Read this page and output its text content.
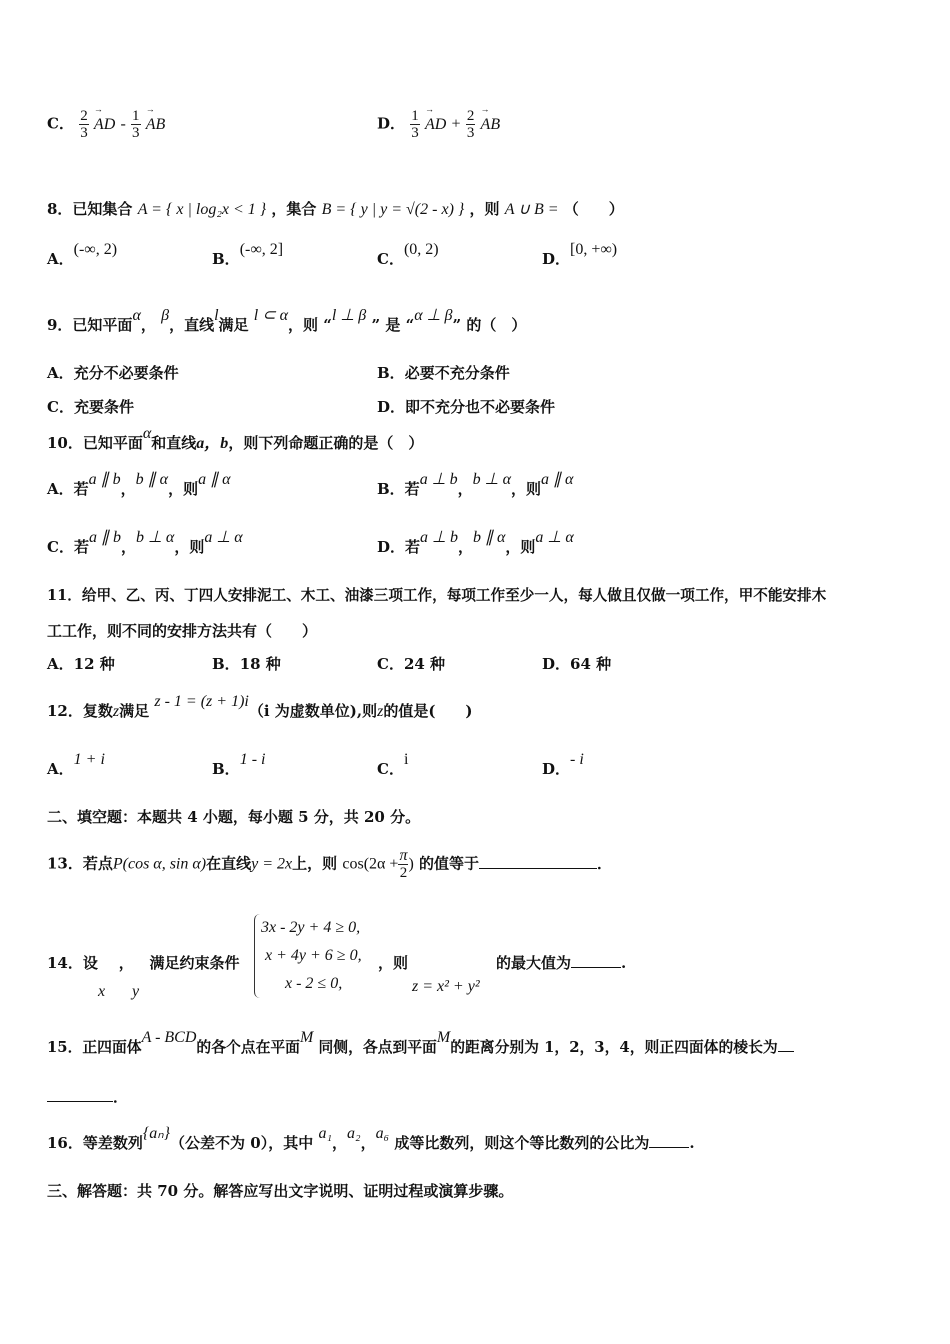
C． $\frac{2}{3}$ → AD - $\frac{1}{3}$ → AB	D． $\frac{1}{3}$ → AD + $\frac{2}{3}$ → AB
8．已知集合 A = { x | log₂x < 1 } ，集合 B = { y | y = √(2 - x) } ，则 A ∪ B = （　　）
A．(-∞, 2)
B．(-∞, 2]
C．(0, 2)
D．[0, +∞)
9．已知平面α， β，直线l满足 l ⊂ α，则 “l ⊥ β ” 是 “α ⊥ β” 的（　）
A．充分不必要条件	B．必要不充分条件
C．充要条件	D．即不充分也不必要条件
10．已知平面α和直线a，b，则下列命题正确的是（　）
A．若a ∥ b，b ∥ α，则a ∥ α
B．若a ⊥ b，b ⊥ α，则a ∥ α
C．若a ∥ b，b ⊥ α，则a ⊥ α
D．若a ⊥ b，b ∥ α，则a ⊥ α
11．给甲、乙、丙、丁四人安排泥工、木工、油漆三项工作，每项工作至少一人，每人做且仅做一项工作，甲不能安排木
工工作，则不同的安排方法共有（　　）
A．12 种	B．18 种	C．24 种	D．64 种
12．复数z满足 z - 1 = (z + 1)i（i 为虚数单位),则z的值是(　　)
A．1 + i
B．1 - i
C．i
D．- i
二、填空题：本题共 4 小题，每小题 5 分，共 20 分。
13．若点P(cos α, sin α)在直线y = 2x上，则 $\cos(2\alpha + \frac{\pi}{2}$ ) 的值等于	．
14．设 ， 满足约束条件
x y
3x - 2y + 4 ≥ 0,
x + 4y + 6 ≥ 0,
x - 2 ≤ 0,
，则
z = x² + y²
的最大值为	.
15．正四面体A - BCD的各个点在平面M 同侧，各点到平面M的距离分别为 1，2，3，4，则正四面体的棱长为
．
16．等差数列{aₙ}（公差不为 0），其中 a₁，a₂，a₆ 成等比数列，则这个等比数列的公比为	.
三、解答题：共 70 分。解答应写出文字说明、证明过程或演算步骤。
